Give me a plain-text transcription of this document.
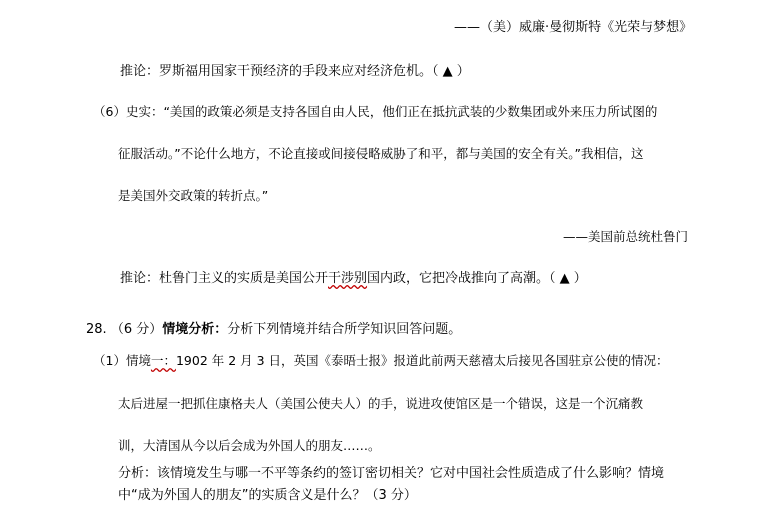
——（美）威廉·曼彻斯特《光荣与梦想》
推论：罗斯福用国家干预经济的手段来应对经济危机。（ ▲ ）
（6）史实：“美国的政策必须是支持各国自由人民，他们正在抵抗武装的少数集团或外来压力所试图的
征服活动。”不论什么地方，不论直接或间接侵略威胁了和平，都与美国的安全有关。”我相信，这
是美国外交政策的转折点。”
——美国前总统杜鲁门
推论：杜鲁门主义的实质是美国公开干涉别国内政，它把冷战推向了高潮。（ ▲ ）
28. （6 分）情境分析：分析下列情境并结合所学知识回答问题。
（1）情境一：1902 年 2 月 3 日，英国《泰晤士报》报道此前两天慈禧太后接见各国驻京公使的情况：
太后进屋一把抓住康格夫人（美国公使夫人）的手，说进攻使馆区是一个错误，这是一个沉痛教
训，大清国从今以后会成为外国人的朋友……。
分析：该情境发生与哪一不平等条约的签订密切相关？它对中国社会性质造成了什么影响？情境
中“成为外国人的朋友”的实质含义是什么？（3 分）
